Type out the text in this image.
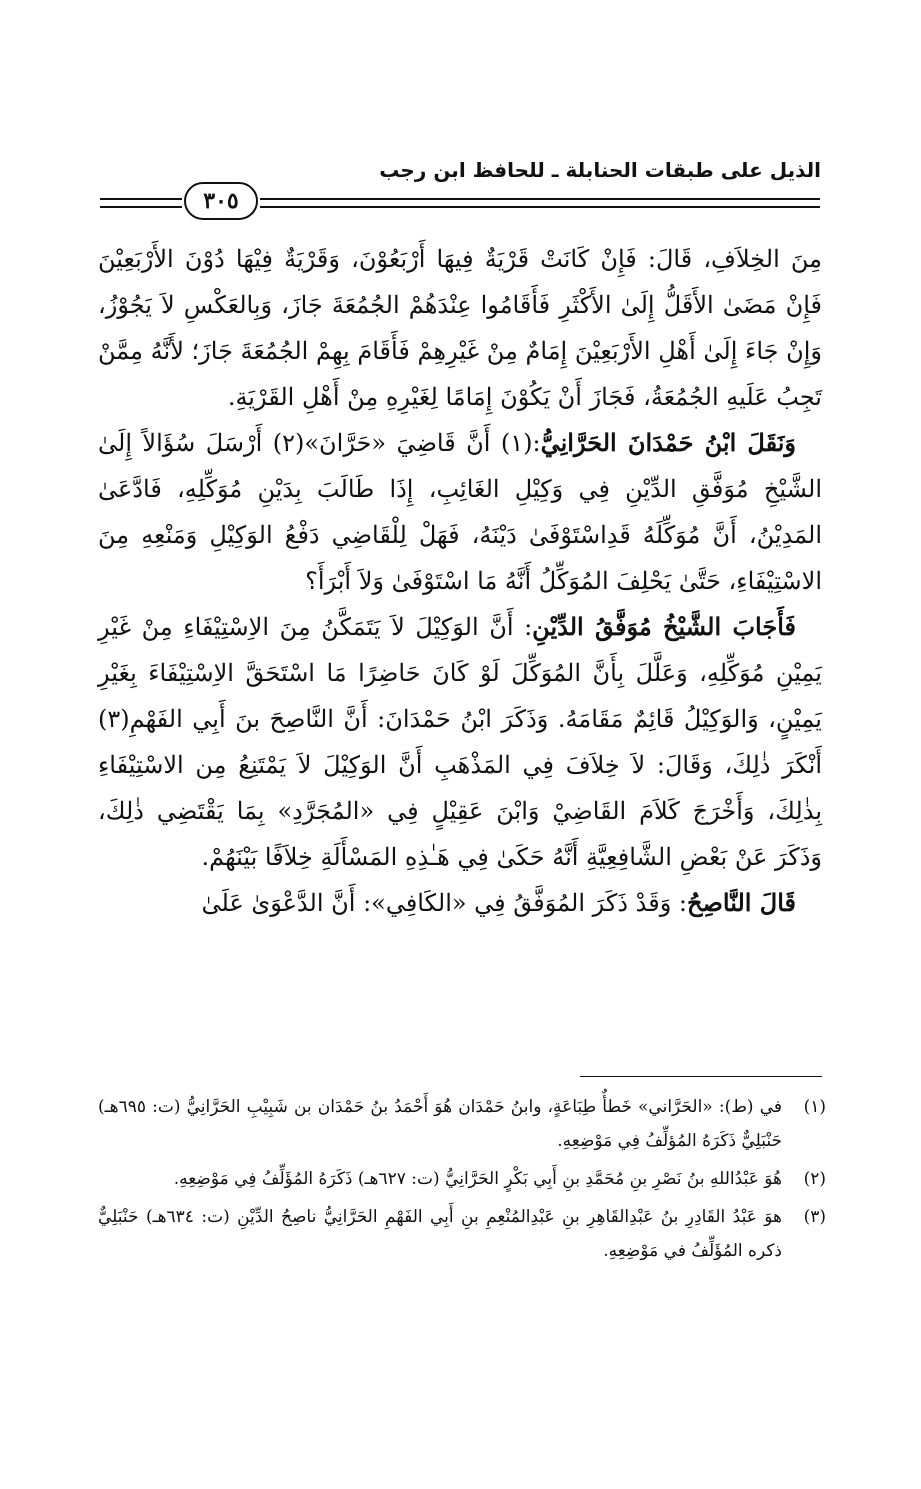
الذيل على طبقات الحنابلة ـ للحافظ ابن رجب
٣٠٥

مِنَ الخِلاَفِ، قَالَ: فَإِنْ كَانَتْ قَرْيَةٌ فِيهَا أَرْبَعُوْنَ، وَقَرْيَةٌ فِيْهَا دُوْنَ الأَرْبَعِيْنَ فَإِنْ مَضَىٰ الأَقَلُّ إِلَىٰ الأَكْثَرِ فَأَقَامُوا عِنْدَهُمْ الجُمُعَةَ جَازَ، وَبِالعَكْسِ لاَ يَجُوْزُ، وَإِنْ جَاءَ إِلَىٰ أَهْلِ الأَرْبَعِيْنَ إِمَامٌ مِنْ غَيْرِهِمْ فَأَقَامَ بِهِمْ الجُمُعَةَ جَازَ؛ لأَنَّهُ مِمَّنْ تَجِبُ عَلَيهِ الجُمُعَةُ، فَجَازَ أَنْ يَكُوْنَ إِمَامًا لِغَيْرِهِ مِنْ أَهْلِ القَرْيَةِ.

وَنَقَلَ ابْنُ حَمْدَانَ الحَرَّانِيُّ:(١) أَنَّ قَاضِيَ «حَرَّانَ»(٢) أَرْسَلَ سُؤَالاً إِلَىٰ الشَّيْخِ مُوَفَّقِ الدِّيْنِ فِي وَكِيْلِ الغَائِبِ، إِذَا طَالَبَ بِدَيْنِ مُوَكِّلِهِ، فَادَّعَىٰ المَدِيْنُ، أَنَّ مُوَكِّلَهُ قَدِاسْتَوْفَىٰ دَيْنَهُ، فَهَلْ لِلْقَاضِي دَفْعُ الوَكِيْلِ وَمَنْعِهِ مِنَ الاسْتِيْفَاءِ، حَتَّىٰ يَحْلِفَ المُوَكِّلُ أَنَّهُ مَا اسْتَوْفَىٰ وَلاَ أَبْرَأَ؟

فَأَجَابَ الشَّيْخُ مُوَفَّقُ الدِّيْنِ: أَنَّ الوَكِيْلَ لاَ يَتَمَكَّنُ مِنَ الاِسْتِيْفَاءِ مِنْ غَيْرِ يَمِيْنِ مُوَكِّلِهِ، وَعَلَّلَ بِأَنَّ المُوَكِّلَ لَوْ كَانَ حَاضِرًا مَا اسْتَحَقَّ الاِسْتِيْفَاءَ بِغَيْرِ يَمِيْنٍ، وَالوَكِيْلُ قَائِمٌ مَقَامَهُ. وَذَكَرَ ابْنُ حَمْدَانَ: أَنَّ النَّاصِحَ بنَ أَبِي الفَهْمِ(٣) أَنْكَرَ ذٰلِكَ، وَقَالَ: لاَ خِلاَفَ فِي المَذْهَبِ أَنَّ الوَكِيْلَ لاَ يَمْتَنِعُ مِن الاسْتِيْفَاءِ بِذٰلِكَ، وَأَخْرَجَ كَلاَمَ القَاضِيْ وَابْنَ عَقِيْلٍ فِي «المُجَرَّدِ» بِمَا يَقْتَضِي ذٰلِكَ، وَذَكَرَ عَنْ بَعْضِ الشَّافِعِيَّةِ أَنَّهُ حَكَىٰ فِي هَـٰذِهِ المَسْأَلَةِ خِلاَفًا بَيْنَهُمْ.

قَالَ النَّاصِحُ: وَقَدْ ذَكَرَ المُوَفَّقُ فِي «الكَافِي»: أَنَّ الدَّعْوَىٰ عَلَىٰ

(١)
في (ط): «الحَرَّاني» خَطأٌ طِبَاعَةٍ، وابنُ حَمْدَان هُوَ أَحْمَدُ بنُ حَمْدَان بن شَبِيْبِ الحَرَّانِيُّ (ت: ٦٩٥هـ) حَنْبَلِيٌّ ذَكَرَهُ المُؤلِّفُ فِي مَوْضِعِهِ.
(٢)
هُوَ عَبْدُاللهِ بنُ نَصْرِ بنِ مُحَمَّدِ بنِ أَبِي بَكْرٍ الحَرَّانِيُّ (ت: ٦٢٧هـ) ذَكَرَهُ المُؤَلِّفُ فِي مَوْضِعِهِ.
(٣)
هوَ عَبْدُ القَادِرِ بنُ عَبْدِالقَاهِرِ بنِ عَبْدِالمُنْعِمِ بنِ أَبِي الفَهْمِ الحَرَّانِيُّ ناصِحُ الدِّيْنِ (ت: ٦٣٤هـ) حَنْبَلِيٌّ ذكره المُؤَلِّفُ في مَوْضِعِهِ.
